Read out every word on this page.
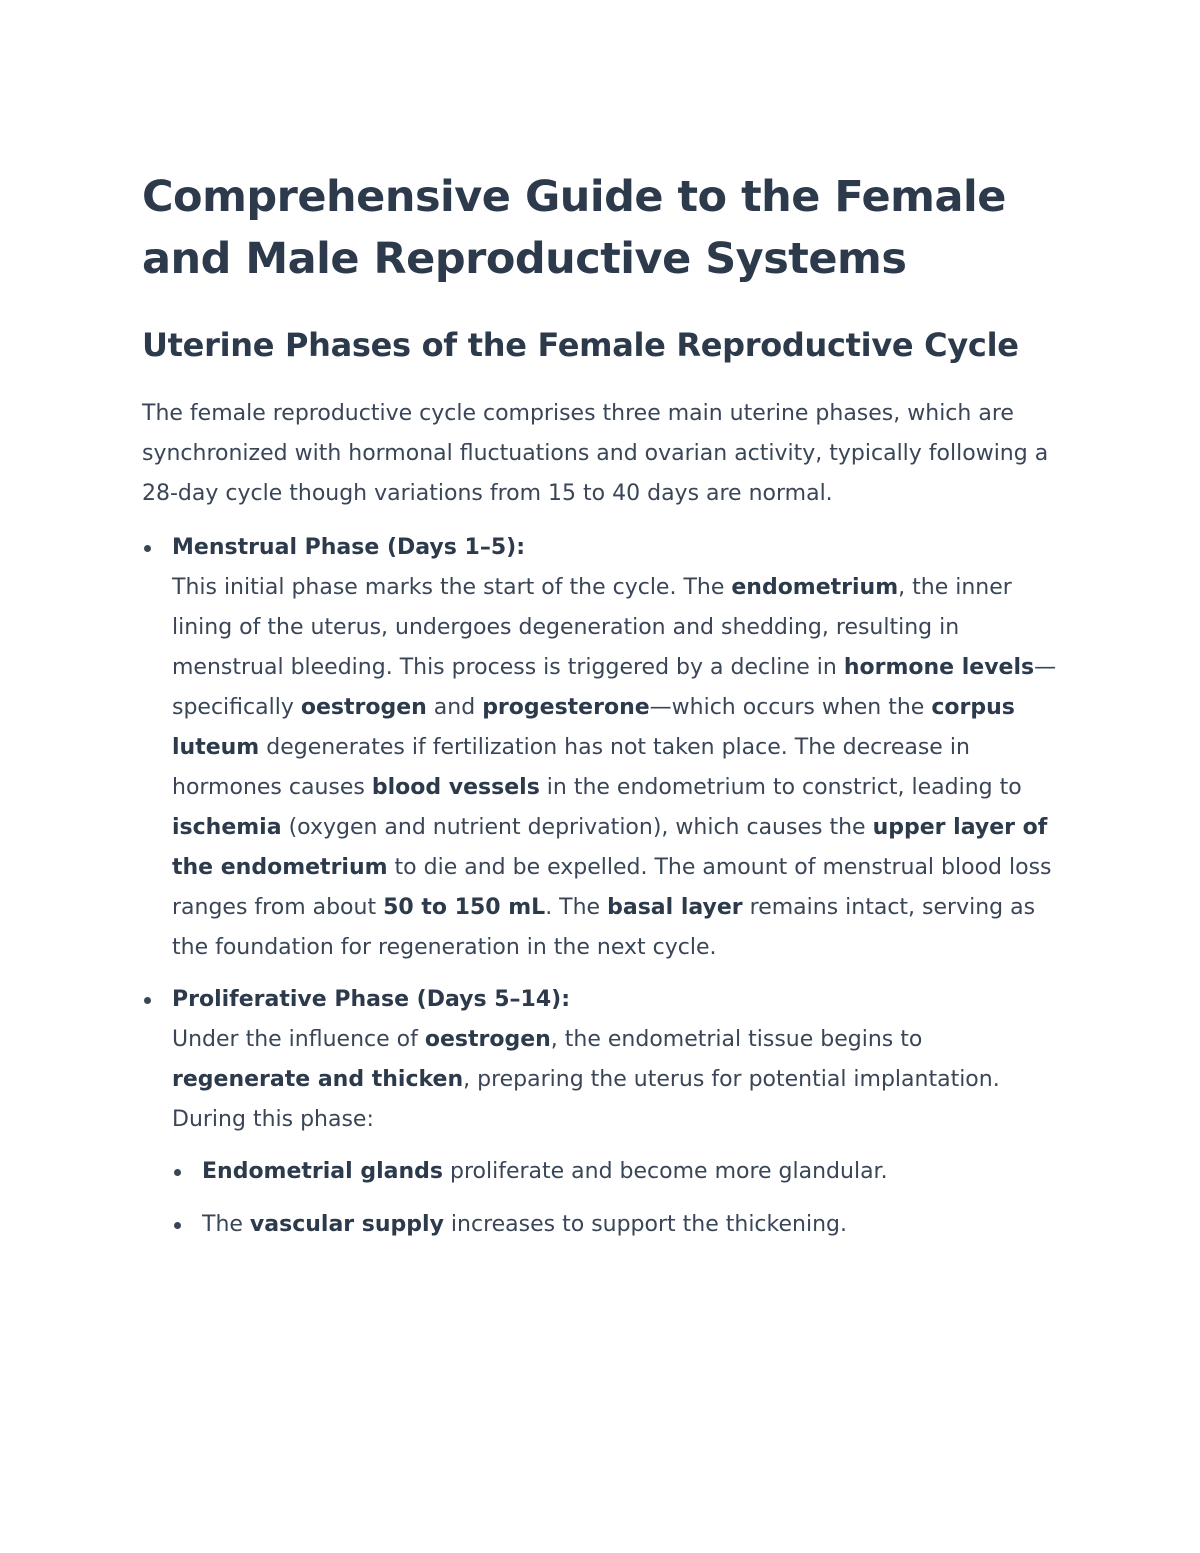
Comprehensive Guide to the Female and Male Reproductive Systems
Uterine Phases of the Female Reproductive Cycle

The female reproductive cycle comprises three main uterine phases, which are synchronized with hormonal fluctuations and ovarian activity, typically following a 28-day cycle though variations from 15 to 40 days are normal.

Menstrual Phase (Days 1–5):
This initial phase marks the start of the cycle. The endometrium, the inner lining of the uterus, undergoes degeneration and shedding, resulting in menstrual bleeding. This process is triggered by a decline in hormone levels—specifically oestrogen and progesterone—which occurs when the corpus luteum degenerates if fertilization has not taken place. The decrease in hormones causes blood vessels in the endometrium to constrict, leading to ischemia (oxygen and nutrient deprivation), which causes the upper layer of the endometrium to die and be expelled. The amount of menstrual blood loss ranges from about 50 to 150 mL. The basal layer remains intact, serving as the foundation for regeneration in the next cycle.
Proliferative Phase (Days 5–14):
Under the influence of oestrogen, the endometrial tissue begins to regenerate and thicken, preparing the uterus for potential implantation. During this phase:
Endometrial glands proliferate and become more glandular.
The vascular supply increases to support the thickening.
